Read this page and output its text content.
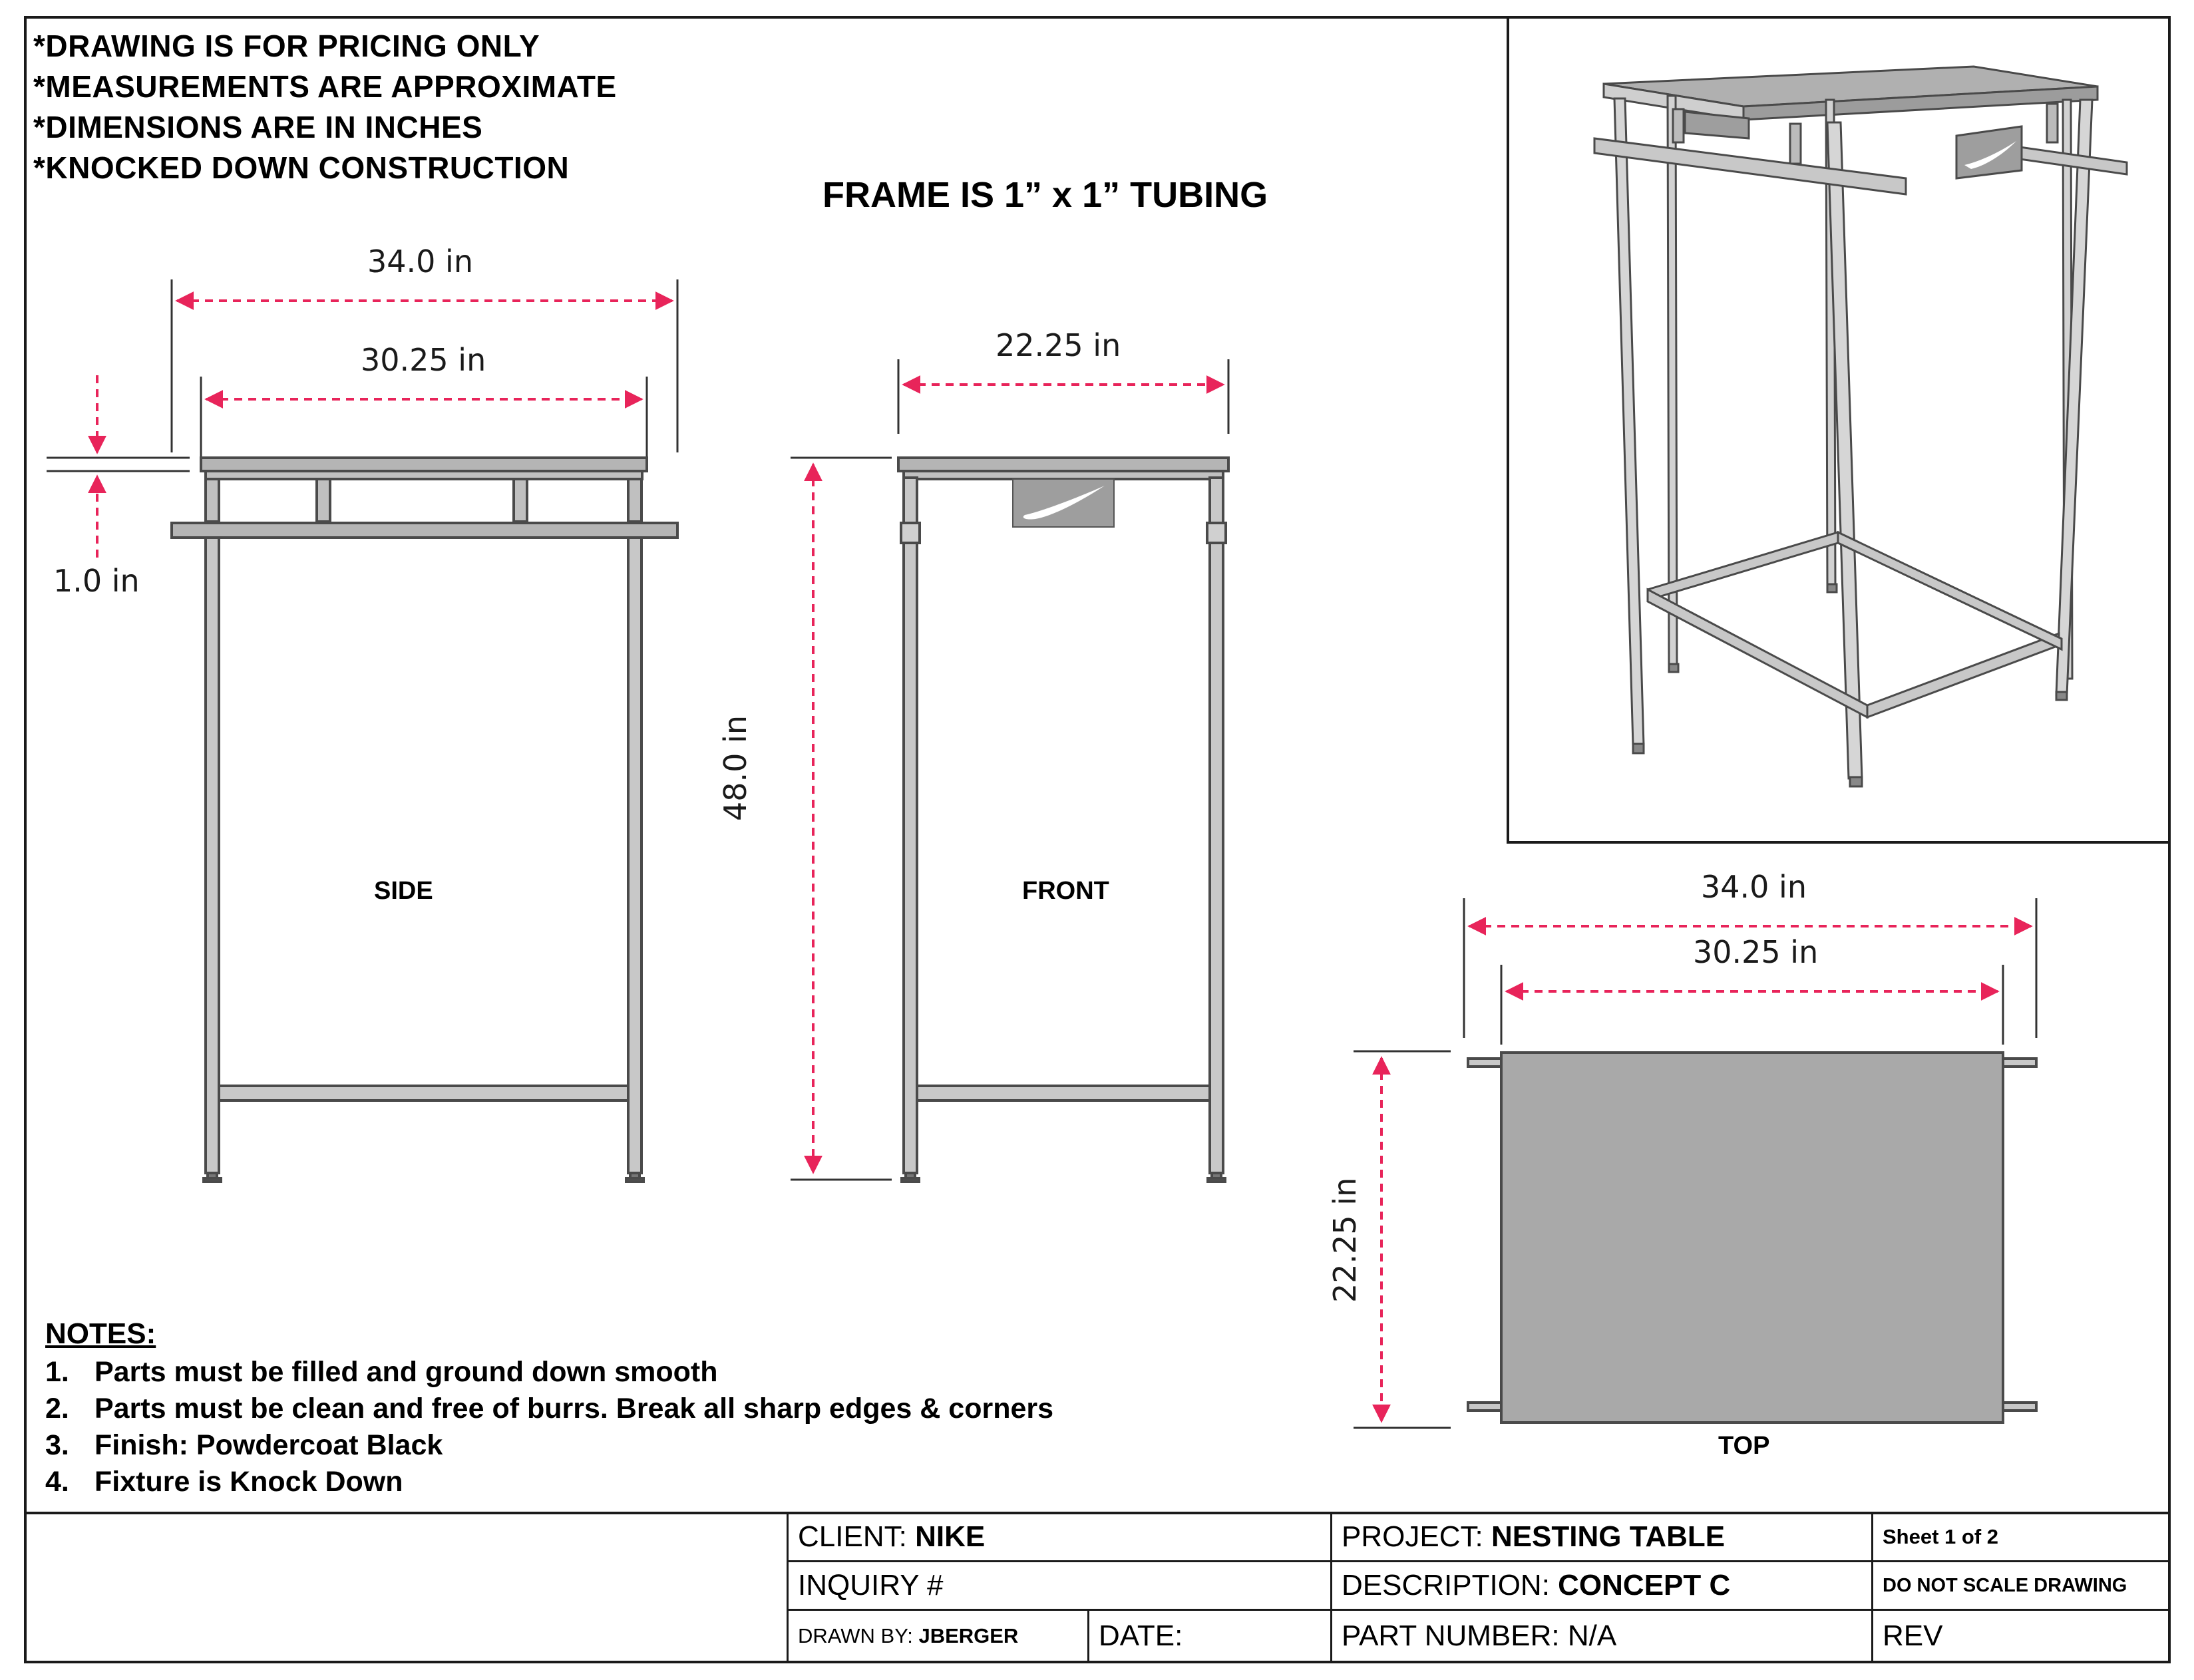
*DRAWING IS FOR PRICING ONLY
*MEASUREMENTS ARE APPROXIMATE
*DIMENSIONS ARE IN INCHES
*KNOCKED DOWN CONSTRUCTION
FRAME IS 1” x 1” TUBING
34.0 in
30.25 in
1.0 in
SIDE
22.25 in
48.0 in
FRONT	34.0 in
30.25 in
22.25 in
TOP
NOTES:
1. Parts must be filled and ground down smooth
2. Parts must be clean and free of burrs. Break all sharp edges & corners
3. Finish: Powdercoat Black
4. Fixture is Knock Down
CLIENT:
NIKE
INQUIRY #
DRAWN BY:
JBERGER	DATE:
PROJECT:
NESTING TABLE
DESCRIPTION:
CONCEPT C
PART NUMBER: N/A
Sheet 1 of 2
DO NOT SCALE DRAWING
REV
